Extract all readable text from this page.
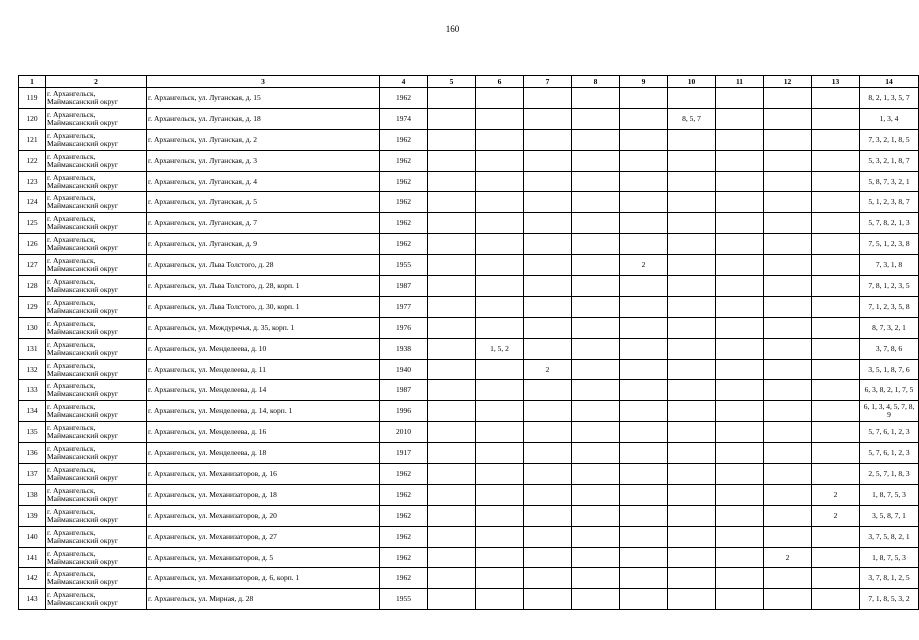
160
1	2	3	4	5	6	7	8	9	10	11	12	13	14
119	г. Архангельск,
Маймаксанский округ	г. Архангельск, ул. Луганская, д. 15	1962										8, 2, 1, 3, 5, 7
120	г. Архангельск,
Маймаксанский округ	г. Архангельск, ул. Луганская, д. 18	1974						8, 5, 7				1, 3, 4
121	г. Архангельск,
Маймаксанский округ	г. Архангельск, ул. Луганская, д. 2	1962										7, 3, 2, 1, 8, 5
122	г. Архангельск,
Маймаксанский округ	г. Архангельск, ул. Луганская, д. 3	1962										5, 3, 2, 1, 8, 7
123	г. Архангельск,
Маймаксанский округ	г. Архангельск, ул. Луганская, д. 4	1962										5, 8, 7, 3, 2, 1
124	г. Архангельск,
Маймаксанский округ	г. Архангельск, ул. Луганская, д. 5	1962										5, 1, 2, 3, 8, 7
125	г. Архангельск,
Маймаксанский округ	г. Архангельск, ул. Луганская, д. 7	1962										5, 7, 8, 2, 1, 3
126	г. Архангельск,
Маймаксанский округ	г. Архангельск, ул. Луганская, д. 9	1962										7, 5, 1, 2, 3, 8
127	г. Архангельск,
Маймаксанский округ	г. Архангельск, ул. Льва Толстого, д. 28	1955					2					7, 3, 1, 8
128	г. Архангельск,
Маймаксанский округ	г. Архангельск, ул. Льва Толстого, д. 28, корп. 1	1987										7, 8, 1, 2, 3, 5
129	г. Архангельск,
Маймаксанский округ	г. Архангельск, ул. Льва Толстого, д. 30, корп. 1	1977										7, 1, 2, 3, 5, 8
130	г. Архангельск,
Маймаксанский округ	г. Архангельск, ул. Междуречья, д. 35, корп. 1	1976										8, 7, 3, 2, 1
131	г. Архангельск,
Маймаксанский округ	г. Архангельск, ул. Менделеева, д. 10	1938		1, 5, 2								3, 7, 8, 6
132	г. Архангельск,
Маймаксанский округ	г. Архангельск, ул. Менделеева, д. 11	1940			2							3, 5, 1, 8, 7, 6
133	г. Архангельск,
Маймаксанский округ	г. Архангельск, ул. Менделеева, д. 14	1987										6, 3, 8, 2, 1, 7, 5
134	г. Архангельск,
Маймаксанский округ	г. Архангельск, ул. Менделеева, д. 14, корп. 1	1996										6, 1, 3, 4, 5, 7, 8, 9
135	г. Архангельск,
Маймаксанский округ	г. Архангельск, ул. Менделеева, д. 16	2010										5, 7, 6, 1, 2, 3
136	г. Архангельск,
Маймаксанский округ	г. Архангельск, ул. Менделеева, д. 18	1917										5, 7, 6, 1, 2, 3
137	г. Архангельск,
Маймаксанский округ	г. Архангельск, ул. Механизаторов, д. 16	1962										2, 5, 7, 1, 8, 3
138	г. Архангельск,
Маймаксанский округ	г. Архангельск, ул. Механизаторов, д. 18	1962									2	1, 8, 7, 5, 3
139	г. Архангельск,
Маймаксанский округ	г. Архангельск, ул. Механизаторов, д. 20	1962									2	3, 5, 8, 7, 1
140	г. Архангельск,
Маймаксанский округ	г. Архангельск, ул. Механизаторов, д. 27	1962										3, 7, 5, 8, 2, 1
141	г. Архангельск,
Маймаксанский округ	г. Архангельск, ул. Механизаторов, д. 5	1962								2		1, 8, 7, 5, 3
142	г. Архангельск,
Маймаксанский округ	г. Архангельск, ул. Механизаторов, д. 6, корп. 1	1962										3, 7, 8, 1, 2, 5
143	г. Архангельск,
Маймаксанский округ	г. Архангельск, ул. Мирная, д. 28	1955										7, 1, 8, 5, 3, 2
